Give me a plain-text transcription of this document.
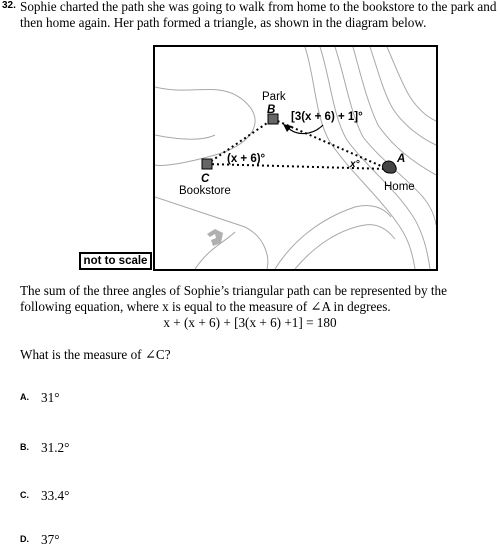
32. Sophie charted the path she was going to walk from home to the bookstore to the park and then home again. Her path formed a triangle, as shown in the diagram below.
Park
B
[3(x + 6) + 1]°
(x + 6)°
C
Bookstore
x°	A
Home
not to scale
The sum of the three angles of Sophie’s triangular path can be represented by the following equation, where x is equal to the measure of ∠A in degrees.
x + (x + 6) + [3(x + 6) +1] = 180
What is the measure of ∠C?
A. 31°
B. 31.2°
C. 33.4°
D. 37°
